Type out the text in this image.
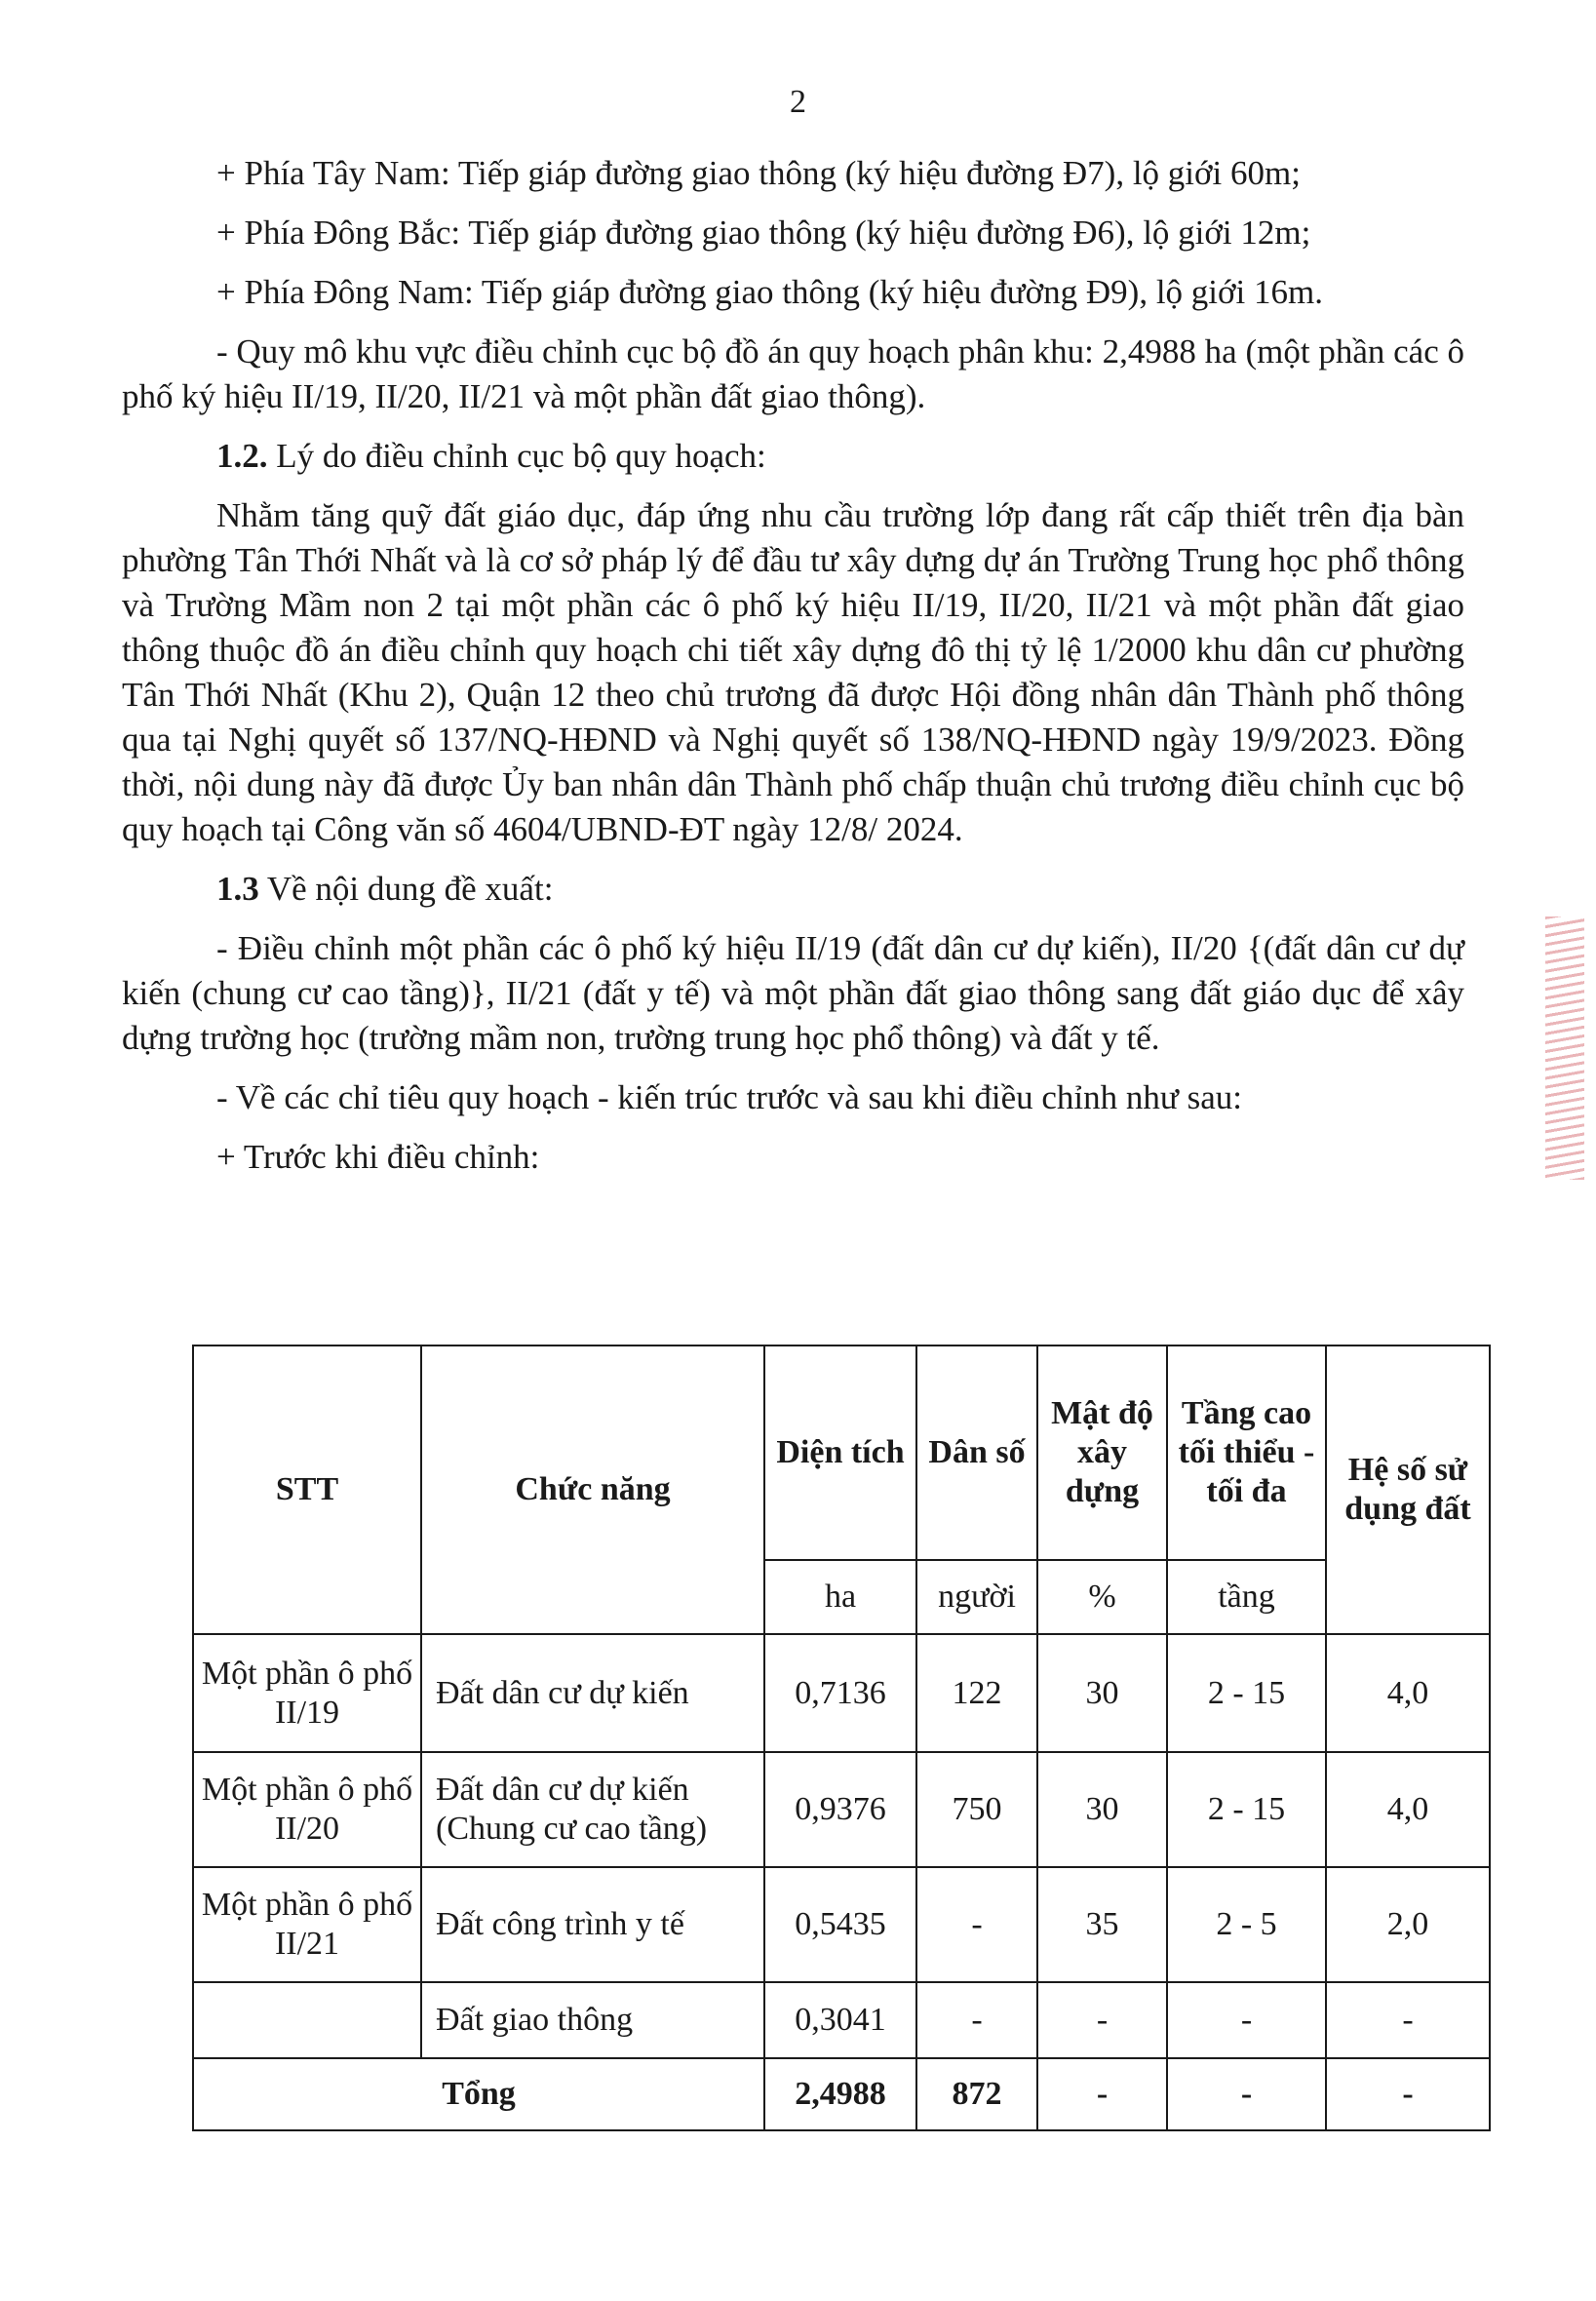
2

+ Phía Tây Nam: Tiếp giáp đường giao thông (ký hiệu đường Đ7), lộ giới 60m;

+ Phía Đông Bắc: Tiếp giáp đường giao thông (ký hiệu đường Đ6), lộ giới 12m;

+ Phía Đông Nam: Tiếp giáp đường giao thông (ký hiệu đường Đ9), lộ giới 16m.

- Quy mô khu vực điều chỉnh cục bộ đồ án quy hoạch phân khu: 2,4988 ha (một phần các ô phố ký hiệu II/19, II/20, II/21 và một phần đất giao thông).

1.2. Lý do điều chỉnh cục bộ quy hoạch:

Nhằm tăng quỹ đất giáo dục, đáp ứng nhu cầu trường lớp đang rất cấp thiết trên địa bàn phường Tân Thới Nhất và là cơ sở pháp lý để đầu tư xây dựng dự án Trường Trung học phổ thông và Trường Mầm non 2 tại một phần các ô phố ký hiệu II/19, II/20, II/21 và một phần đất giao thông thuộc đồ án điều chỉnh quy hoạch chi tiết xây dựng đô thị tỷ lệ 1/2000 khu dân cư phường Tân Thới Nhất (Khu 2), Quận 12 theo chủ trương đã được Hội đồng nhân dân Thành phố thông qua tại Nghị quyết số 137/NQ-HĐND và Nghị quyết số 138/NQ-HĐND ngày 19/9/2023. Đồng thời, nội dung này đã được Ủy ban nhân dân Thành phố chấp thuận chủ trương điều chỉnh cục bộ quy hoạch tại Công văn số 4604/UBND-ĐT ngày 12/8/ 2024.

1.3 Về nội dung đề xuất:

- Điều chỉnh một phần các ô phố ký hiệu II/19 (đất dân cư dự kiến), II/20 {(đất dân cư dự kiến (chung cư cao tầng)}, II/21 (đất y tế) và một phần đất giao thông sang đất giáo dục để xây dựng trường học (trường mầm non, trường trung học phổ thông) và đất y tế.

- Về các chỉ tiêu quy hoạch - kiến trúc trước và sau khi điều chỉnh như sau:

+ Trước khi điều chỉnh:

STT	Chức năng	Diện tích	Dân số	Mật độ xây dựng	Tầng cao tối thiểu - tối đa	Hệ số sử dụng đất
		ha	người	%	tầng	
Một phần ô phố II/19	Đất dân cư dự kiến	0,7136	122	30	2 - 15	4,0
Một phần ô phố II/20	Đất dân cư dự kiến (Chung cư cao tầng)	0,9376	750	30	2 - 15	4,0
Một phần ô phố II/21	Đất công trình y tế	0,5435	-	35	2 - 5	2,0
	Đất giao thông	0,3041	-	-	-	-
Tổng		2,4988	872	-	-	-
